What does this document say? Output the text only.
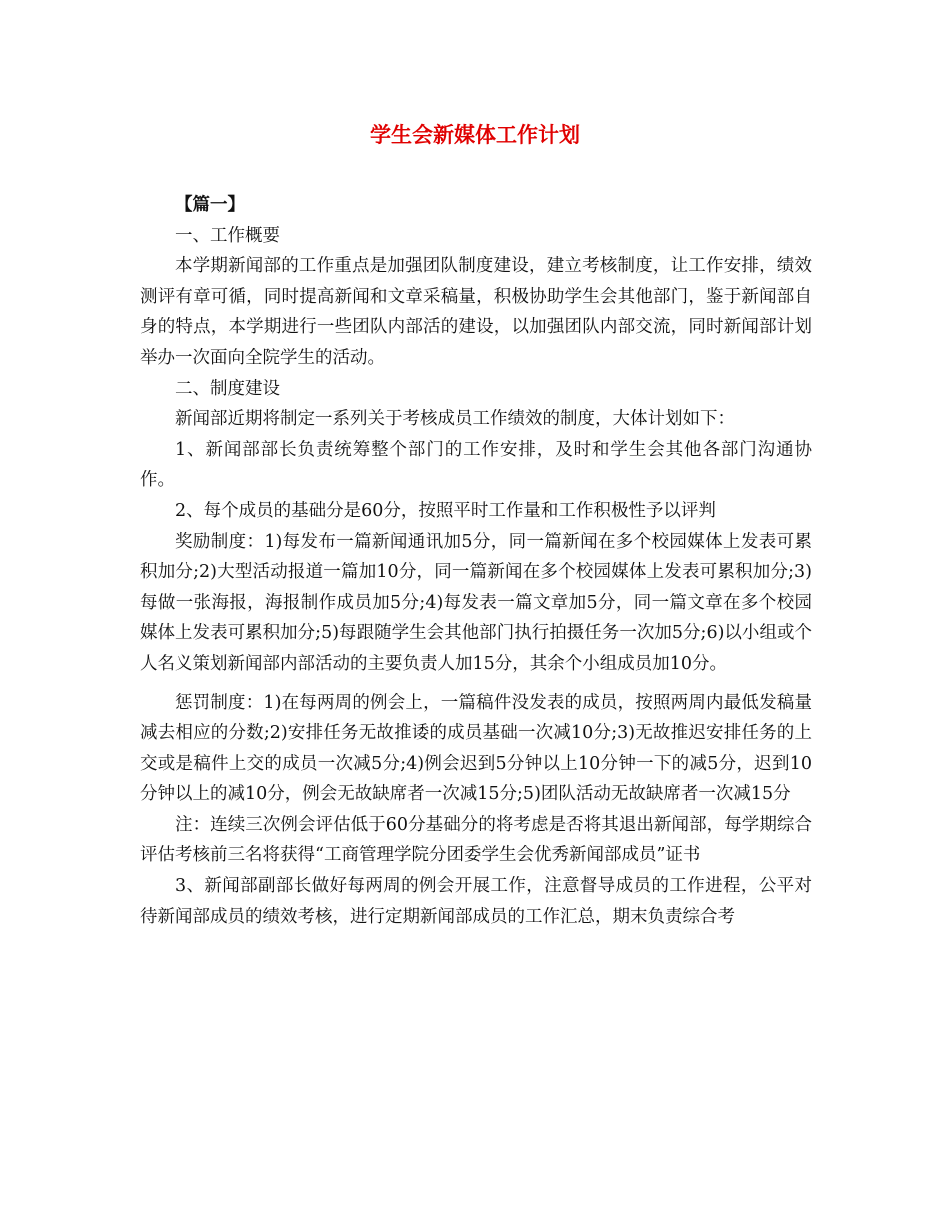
学生会新媒体工作计划

【篇一】

一、工作概要

本学期新闻部的工作重点是加强团队制度建设，建立考核制度，让工作安排，绩效测评有章可循，同时提高新闻和文章采稿量，积极协助学生会其他部门，鉴于新闻部自身的特点，本学期进行一些团队内部活的建设，以加强团队内部交流，同时新闻部计划举办一次面向全院学生的活动。

二、制度建设

新闻部近期将制定一系列关于考核成员工作绩效的制度，大体计划如下：

1、新闻部部长负责统筹整个部门的工作安排，及时和学生会其他各部门沟通协作。

2、每个成员的基础分是60分，按照平时工作量和工作积极性予以评判

奖励制度：1)每发布一篇新闻通讯加5分，同一篇新闻在多个校园媒体上发表可累积加分;2)大型活动报道一篇加10分，同一篇新闻在多个校园媒体上发表可累积加分;3)每做一张海报，海报制作成员加5分;4)每发表一篇文章加5分，同一篇文章在多个校园媒体上发表可累积加分;5)每跟随学生会其他部门执行拍摄任务一次加5分;6)以小组或个人名义策划新闻部内部活动的主要负责人加15分，其余个小组成员加10分。

惩罚制度：1)在每两周的例会上，一篇稿件没发表的成员，按照两周内最低发稿量减去相应的分数;2)安排任务无故推诿的成员基础一次减10分;3)无故推迟安排任务的上交或是稿件上交的成员一次减5分;4)例会迟到5分钟以上10分钟一下的减5分，迟到10分钟以上的减10分，例会无故缺席者一次减15分;5)团队活动无故缺席者一次减15分

注：连续三次例会评估低于60分基础分的将考虑是否将其退出新闻部，每学期综合评估考核前三名将获得“工商管理学院分团委学生会优秀新闻部成员”证书

3、新闻部副部长做好每两周的例会开展工作，注意督导成员的工作进程，公平对待新闻部成员的绩效考核，进行定期新闻部成员的工作汇总，期末负责综合考
